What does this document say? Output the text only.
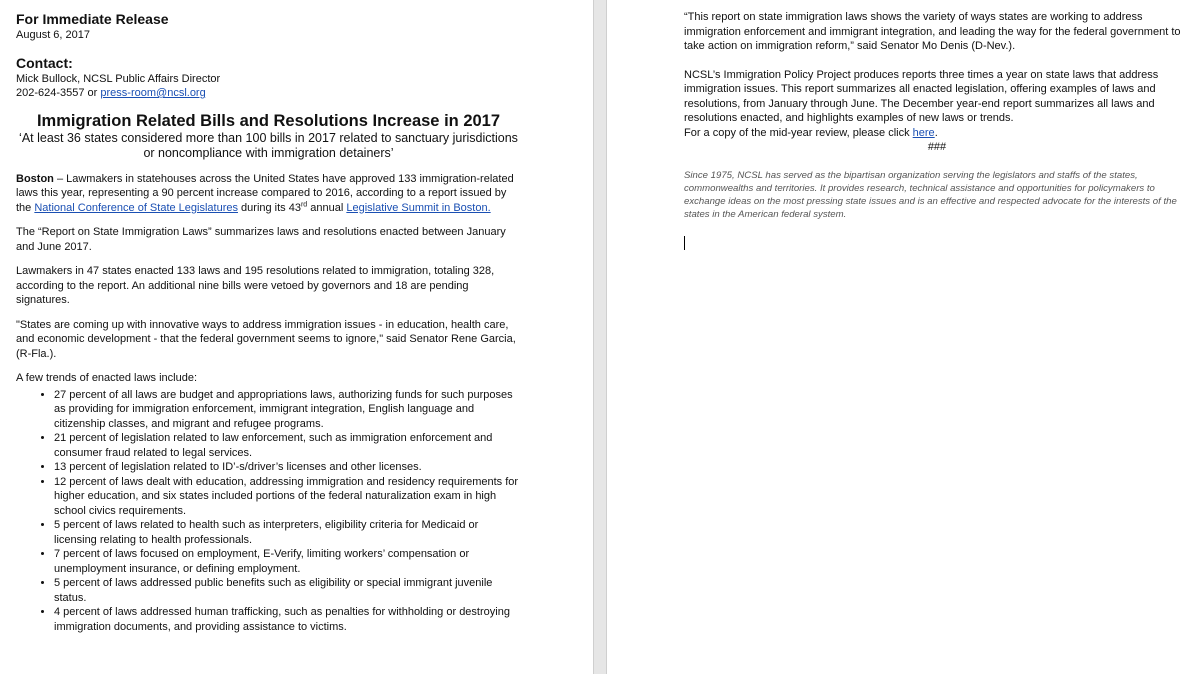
For Immediate Release

August 6, 2017

Contact:

Mick Bullock, NCSL Public Affairs Director

202-624-3557 or press-room@ncsl.org

Immigration Related Bills and Resolutions Increase in 2017

‘At least 36 states considered more than 100 bills in 2017 related to sanctuary jurisdictions or noncompliance with immigration detainers’

Boston – Lawmakers in statehouses across the United States have approved 133 immigration-related laws this year, representing a 90 percent increase compared to 2016, according to a report issued by the National Conference of State Legislatures during its 43rd annual Legislative Summit in Boston.

The “Report on State Immigration Laws” summarizes laws and resolutions enacted between January and June 2017.

Lawmakers in 47 states enacted 133 laws and 195 resolutions related to immigration, totaling 328, according to the report. An additional nine bills were vetoed by governors and 18 are pending signatures.

"States are coming up with innovative ways to address immigration issues - in education, health care, and economic development - that the federal government seems to ignore," said Senator Rene Garcia, (R-Fla.).

A few trends of enacted laws include:

• 27 percent of all laws are budget and appropriations laws, authorizing funds for such purposes as providing for immigration enforcement, immigrant integration, English language and citizenship classes, and migrant and refugee programs.
• 21 percent of legislation related to law enforcement, such as immigration enforcement and consumer fraud related to legal services.
• 13 percent of legislation related to ID’-s/driver’s licenses and other licenses.
• 12 percent of laws dealt with education, addressing immigration and residency requirements for higher education, and six states included portions of the federal naturalization exam in high school civics requirements.
• 5 percent of laws related to health such as interpreters, eligibility criteria for Medicaid or licensing relating to health professionals.
• 7 percent of laws focused on employment, E-Verify, limiting workers’ compensation or unemployment insurance, or defining employment.
• 5 percent of laws addressed public benefits such as eligibility or special immigrant juvenile status.
• 4 percent of laws addressed human trafficking, such as penalties for withholding or destroying immigration documents, and providing assistance to victims.

“This report on state immigration laws shows the variety of ways states are working to address immigration enforcement and immigrant integration, and leading the way for the federal government to take action on immigration reform,” said Senator Mo Denis (D-Nev.).

NCSL’s Immigration Policy Project produces reports three times a year on state laws that address immigration issues. This report summarizes all enacted legislation, offering examples of laws and resolutions, from January through June. The December year-end report summarizes all laws and resolutions enacted, and highlights examples of new laws or trends.

For a copy of the mid-year review, please click here.

###

Since 1975, NCSL has served as the bipartisan organization serving the legislators and staffs of the states, commonwealths and territories. It provides research, technical assistance and opportunities for policymakers to exchange ideas on the most pressing state issues and is an effective and respected advocate for the interests of the states in the American federal system.
